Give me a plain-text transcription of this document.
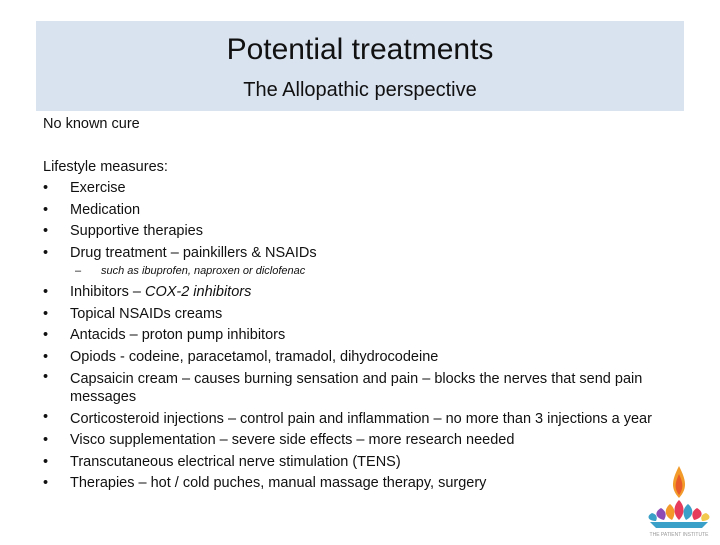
Potential treatments
The Allopathic perspective

No known cure

Lifestyle measures:

• Exercise
• Medication
• Supportive therapies
• Drug treatment – painkillers & NSAIDs
– such as ibuprofen, naproxen or diclofenac
• Inhibitors – COX-2 inhibitors
• Topical NSAIDs creams
• Antacids – proton pump inhibitors
• Opiods - codeine, paracetamol, tramadol, dihydrocodeine
• Capsaicin cream – causes burning sensation and pain – blocks the nerves that send pain messages
• Corticosteroid injections – control pain and inflammation – no more than 3 injections a year
• Visco supplementation – severe side effects – more research needed
• Transcutaneous electrical nerve stimulation (TENS)
• Therapies – hot / cold puches, manual massage therapy, surgery
THE PATIENT INSTITUTE
